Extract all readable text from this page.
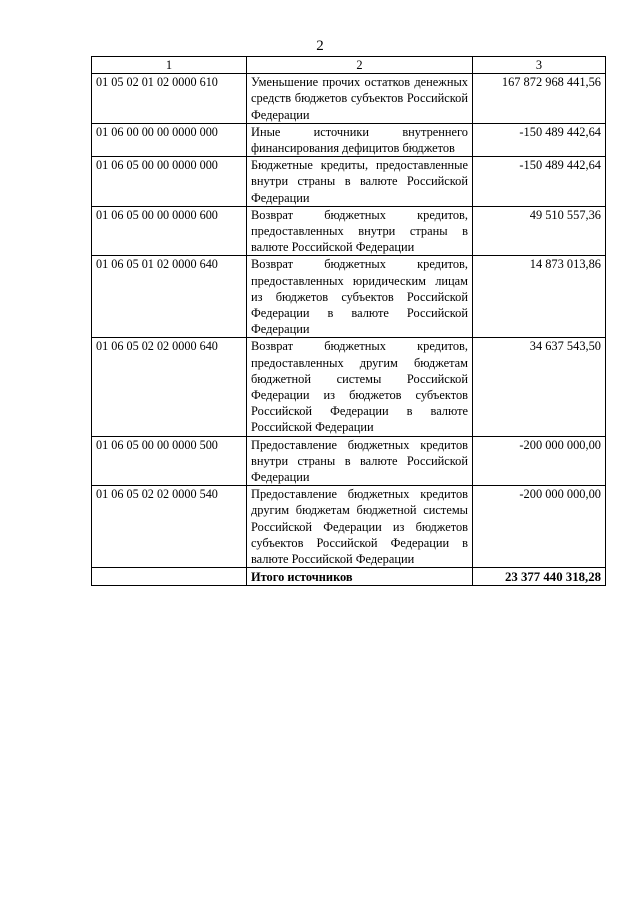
2
1	2	3
01 05 02 01 02 0000 610	Уменьшение прочих остатков денежных средств бюджетов субъектов Российской Федерации	167 872 968 441,56
01 06 00 00 00 0000 000	Иные источники внутреннего финансирования дефицитов бюджетов	-150 489 442,64
01 06 05 00 00 0000 000	Бюджетные кредиты, предоставленные внутри страны в валюте Российской Федерации	-150 489 442,64
01 06 05 00 00 0000 600	Возврат бюджетных кредитов, предоставленных внутри страны в валюте Российской Федерации	49 510 557,36
01 06 05 01 02 0000 640	Возврат бюджетных кредитов, предоставленных юридическим лицам из бюджетов субъектов Российской Федерации в валюте Российской Федерации	14 873 013,86
01 06 05 02 02 0000 640	Возврат бюджетных кредитов, предоставленных другим бюджетам бюджетной системы Российской Федерации из бюджетов субъектов Российской Федерации в валюте Российской Федерации	34 637 543,50
01 06 05 00 00 0000 500	Предоставление бюджетных кредитов внутри страны в валюте Российской Федерации	-200 000 000,00
01 06 05 02 02 0000 540	Предоставление бюджетных кредитов другим бюджетам бюджетной системы Российской Федерации из бюджетов субъектов Российской Федерации в валюте Российской Федерации	-200 000 000,00
	Итого источников	23 377 440 318,28
